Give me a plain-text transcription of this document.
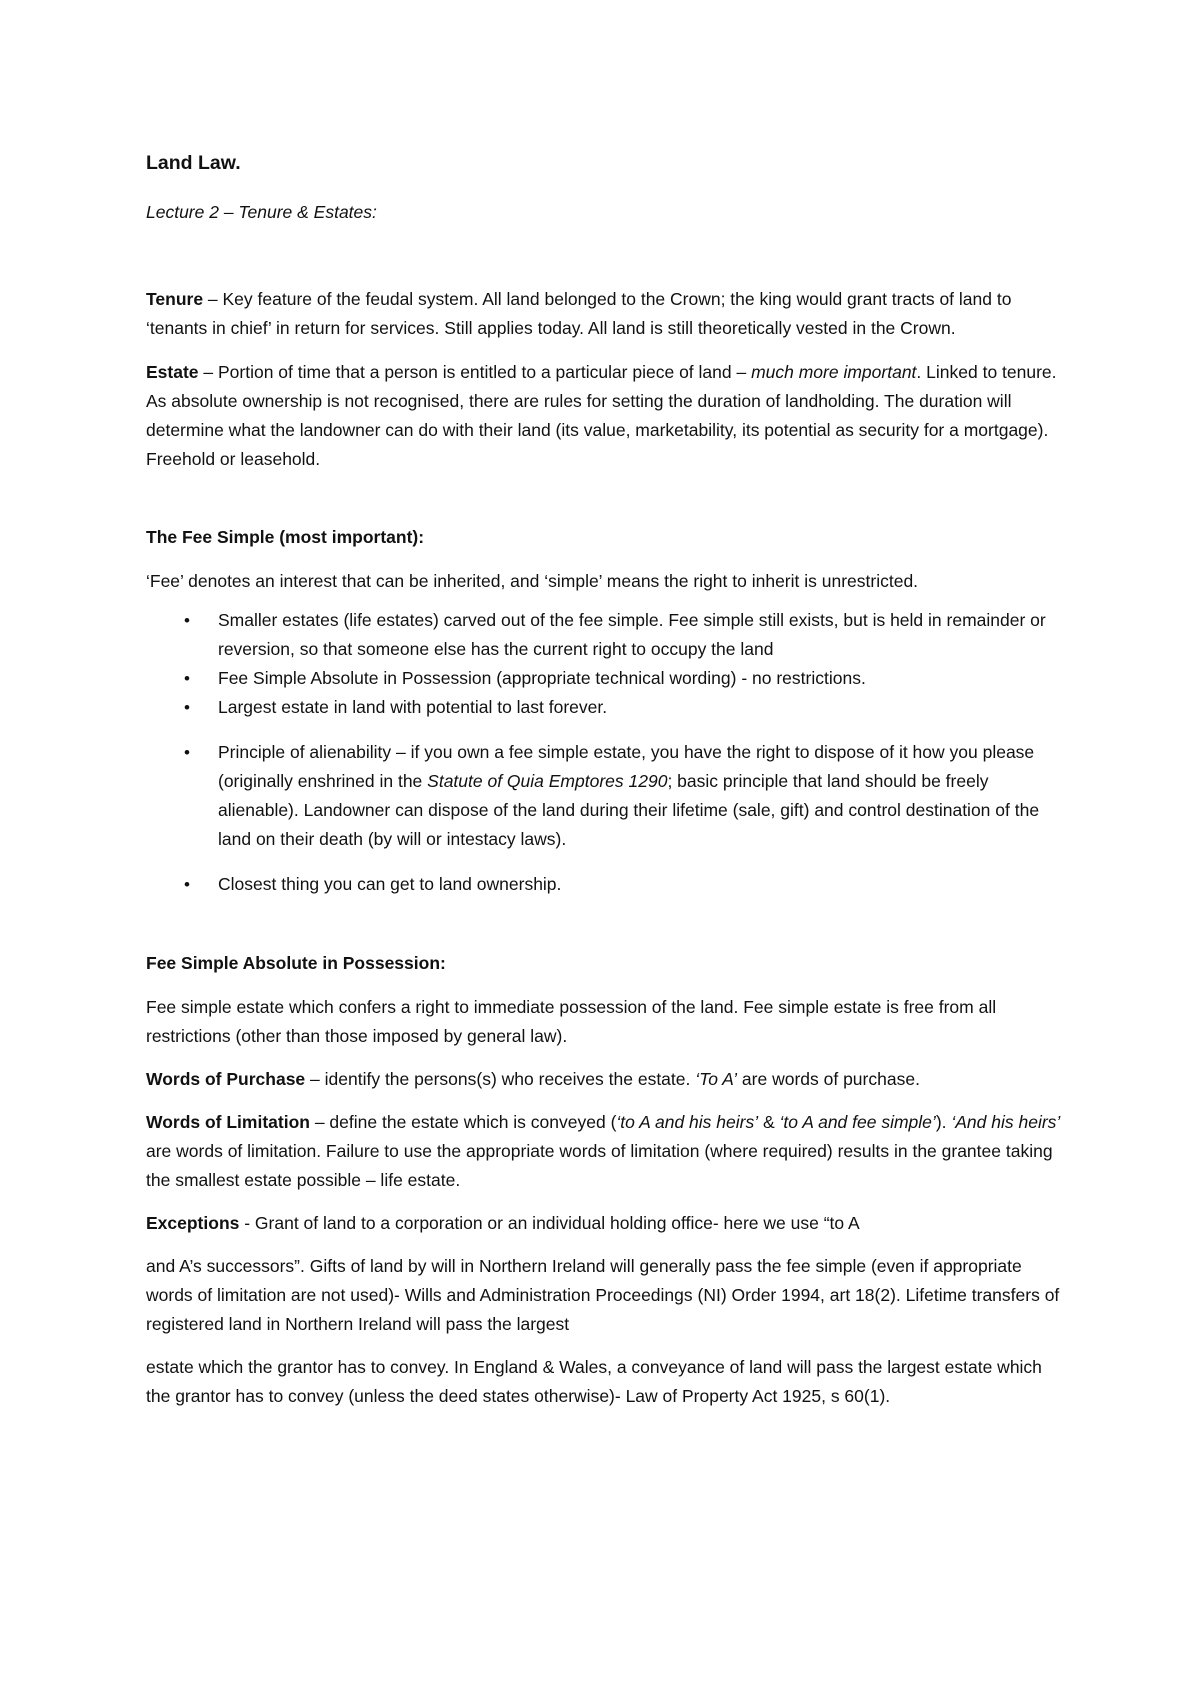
Land Law.

Lecture 2 – Tenure & Estates:

Tenure – Key feature of the feudal system. All land belonged to the Crown; the king would grant tracts of land to ‘tenants in chief’ in return for services. Still applies today. All land is still theoretically vested in the Crown.

Estate – Portion of time that a person is entitled to a particular piece of land – much more important. Linked to tenure. As absolute ownership is not recognised, there are rules for setting the duration of landholding. The duration will determine what the landowner can do with their land (its value, marketability, its potential as security for a mortgage). Freehold or leasehold.

The Fee Simple (most important):

‘Fee’ denotes an interest that can be inherited, and ‘simple’ means the right to inherit is unrestricted.

• Smaller estates (life estates) carved out of the fee simple. Fee simple still exists, but is held in remainder or reversion, so that someone else has the current right to occupy the land
• Fee Simple Absolute in Possession (appropriate technical wording) - no restrictions.
• Largest estate in land with potential to last forever.
• Principle of alienability – if you own a fee simple estate, you have the right to dispose of it how you please (originally enshrined in the Statute of Quia Emptores 1290; basic principle that land should be freely alienable). Landowner can dispose of the land during their lifetime (sale, gift) and control destination of the land on their death (by will or intestacy laws).
• Closest thing you can get to land ownership.

Fee Simple Absolute in Possession:

Fee simple estate which confers a right to immediate possession of the land. Fee simple estate is free from all restrictions (other than those imposed by general law).

Words of Purchase – identify the persons(s) who receives the estate. ‘To A’ are words of purchase.

Words of Limitation – define the estate which is conveyed (‘to A and his heirs’ & ‘to A and fee simple’). ‘And his heirs’ are words of limitation. Failure to use the appropriate words of limitation (where required) results in the grantee taking the smallest estate possible – life estate.

Exceptions - Grant of land to a corporation or an individual holding office- here we use “to A

and A’s successors”. Gifts of land by will in Northern Ireland will generally pass the fee simple (even if appropriate words of limitation are not used)- Wills and Administration Proceedings (NI) Order 1994, art 18(2). Lifetime transfers of registered land in Northern Ireland will pass the largest

estate which the grantor has to convey. In England & Wales, a conveyance of land will pass the largest estate which the grantor has to convey (unless the deed states otherwise)- Law of Property Act 1925, s 60(1).
